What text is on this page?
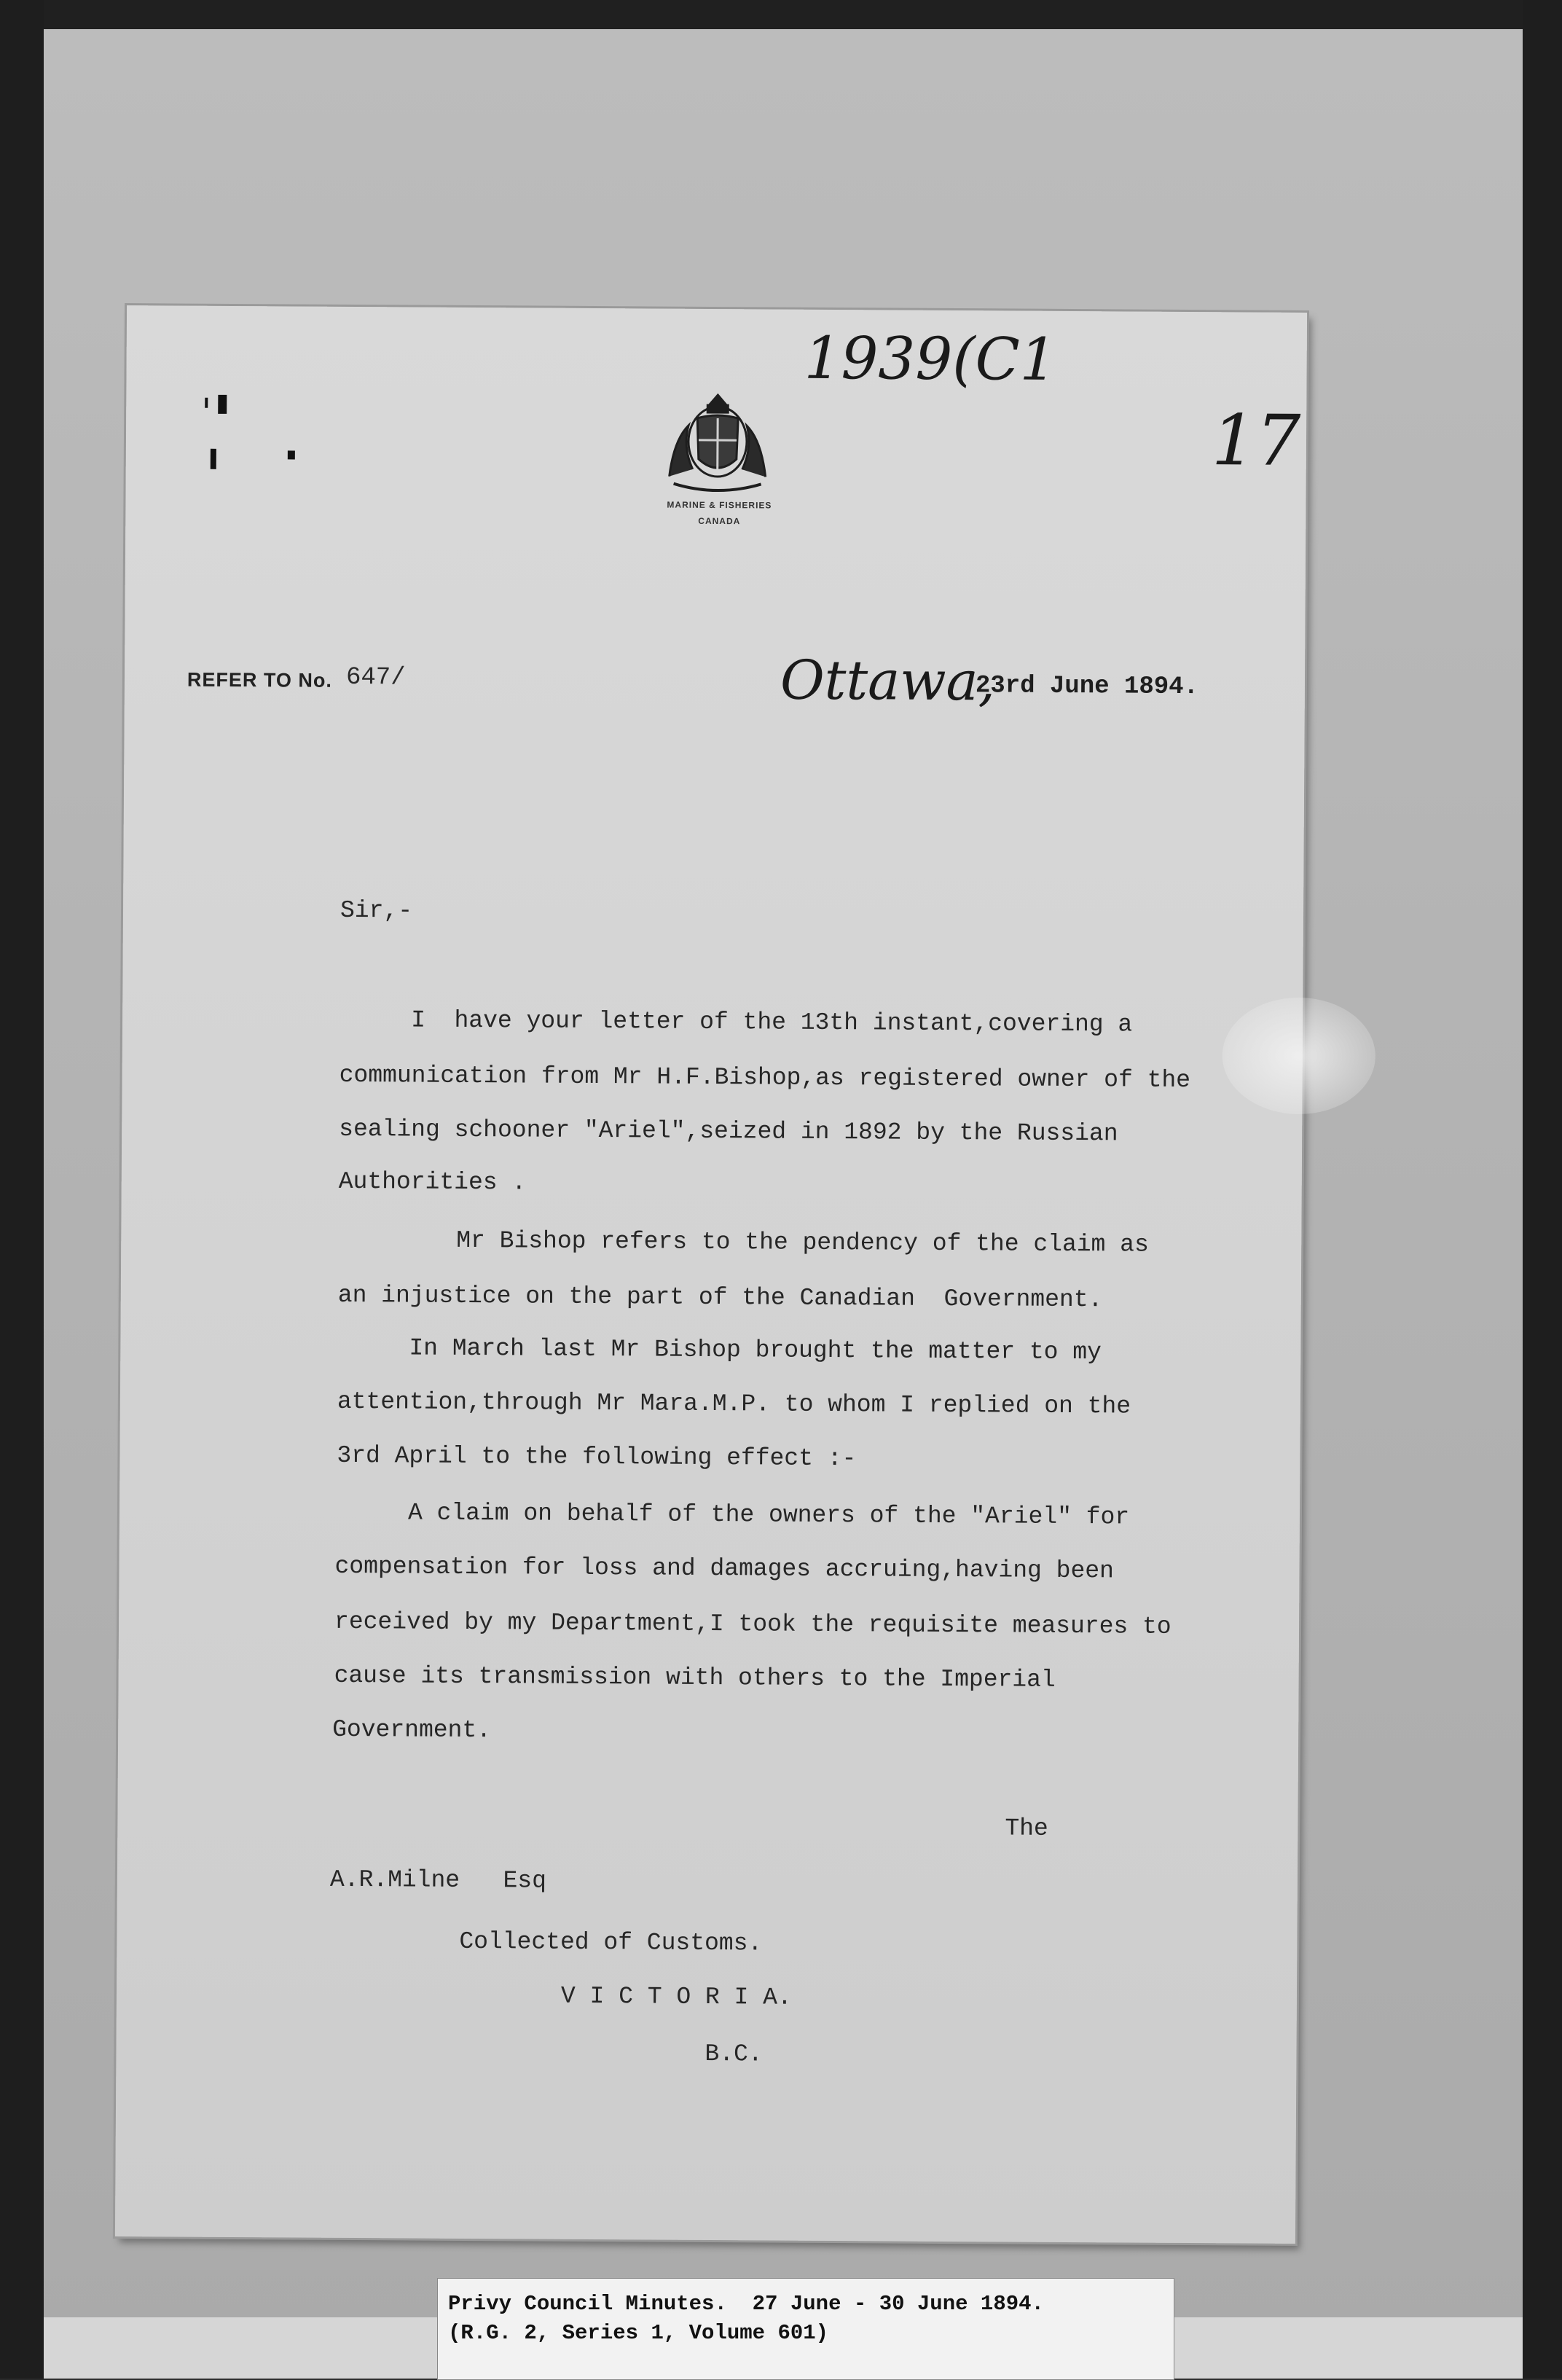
1939(C1
17
MARINE & FISHERIES
CANADA
REFER TO No. 647/	Ottawa,
23rd June 1894.
Sir,-
I  have your letter of the 13th instant,covering a
communication from Mr H.F.Bishop,as registered owner of the
sealing schooner "Ariel",seized in 1892 by the Russian
Authorities .
Mr Bishop refers to the pendency of the claim as
an injustice on the part of the Canadian  Government.
In March last Mr Bishop brought the matter to my
attention,through Mr Mara.M.P. to whom I replied on the
3rd April to the following effect :-
A claim on behalf of the owners of the "Ariel" for
compensation for loss and damages accruing,having been
received by my Department,I took the requisite measures to
cause its transmission with others to the Imperial
Government.
The
A.R.Milne   Esq
Collected of Customs.
V I C T O R I A.
B.C.
Privy Council Minutes.  27 June - 30 June 1894.
(R.G. 2, Series 1, Volume 601)
